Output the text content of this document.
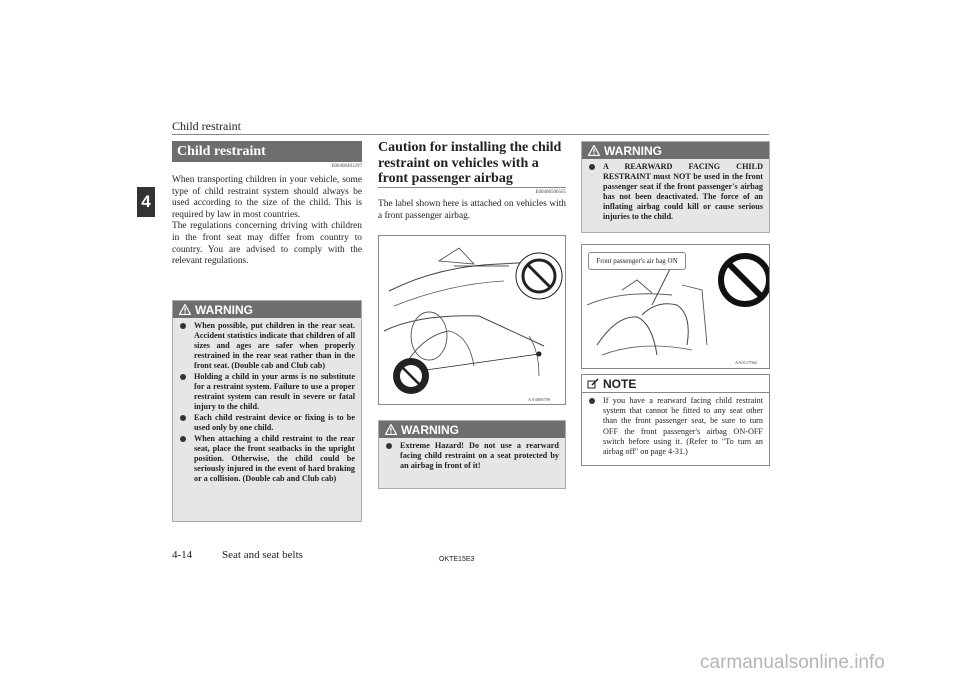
Child restraint
4
Child restraint
E00406401297
When transporting children in your vehicle, some type of child restraint system should always be used according to the size of the child. This is required by law in most countries.
The regulations concerning driving with children in the front seat may differ from country to country. You are advised to comply with the relevant regulations.
WARNING
When possible, put children in the rear seat. Accident statistics indicate that children of all sizes and ages are safer when properly restrained in the rear seat rather than in the front seat. (Double cab and Club cab)
Holding a child in your arms is no substitute for a restraint system. Failure to use a proper restraint system can result in severe or fatal injury to the child.
Each child restraint device or fixing is to be used only by one child.
When attaching a child restraint to the rear seat, place the front seatbacks in the upright position. Otherwise, the child could be seriously injured in the event of hard braking or a collision. (Double cab and Club cab)
Caution for installing the child restraint on vehicles with a front passenger airbag
E00406500565
The label shown here is attached on vehicles with a front passenger airbag.
AA3008799
WARNING
Extreme Hazard! Do not use a rearward facing child restraint on a seat protected by an airbag in front of it!
WARNING
A REARWARD FACING CHILD RESTRAINT must NOT be used in the front passenger seat if the front passenger's airbag has not been deactivated. The force of an inflating airbag could kill or cause serious injuries to the child.
Front passenger's air bag ON
AA0117962
NOTE
If you have a rearward facing child restraint system that cannot be fitted to any seat other than the front passenger seat, be sure to turn OFF the front passenger's airbag ON-OFF switch before using it. (Refer to "To turn an airbag off" on page 4-31.)
4-14	Seat and seat belts	OKTE15E3
carmanualsonline.info
